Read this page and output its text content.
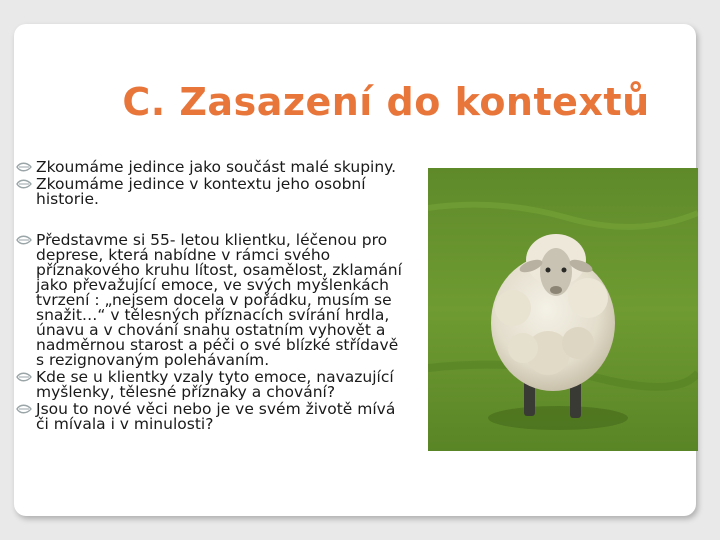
C. Zasazení do kontextů
Zkoumáme jedince jako součást malé skupiny.
Zkoumáme jedince v kontextu jeho osobní historie.
Představme si 55- letou klientku, léčenou pro deprese, která nabídne v rámci svého příznakového kruhu lítost, osamělost, zklamání jako převažující emoce, ve svých myšlenkách tvrzení : „nejsem docela v pořádku, musím se snažit…“ v tělesných příznacích svírání hrdla, únavu a v chování snahu ostatním vyhovět a nadměrnou starost a péči o své blízké střídavě s rezignovaným polehávaním.
Kde se u klientky vzaly tyto emoce, navazující myšlenky, tělesné příznaky a chování?
Jsou to nové věci nebo je ve svém životě mívá či mívala i v minulosti?
